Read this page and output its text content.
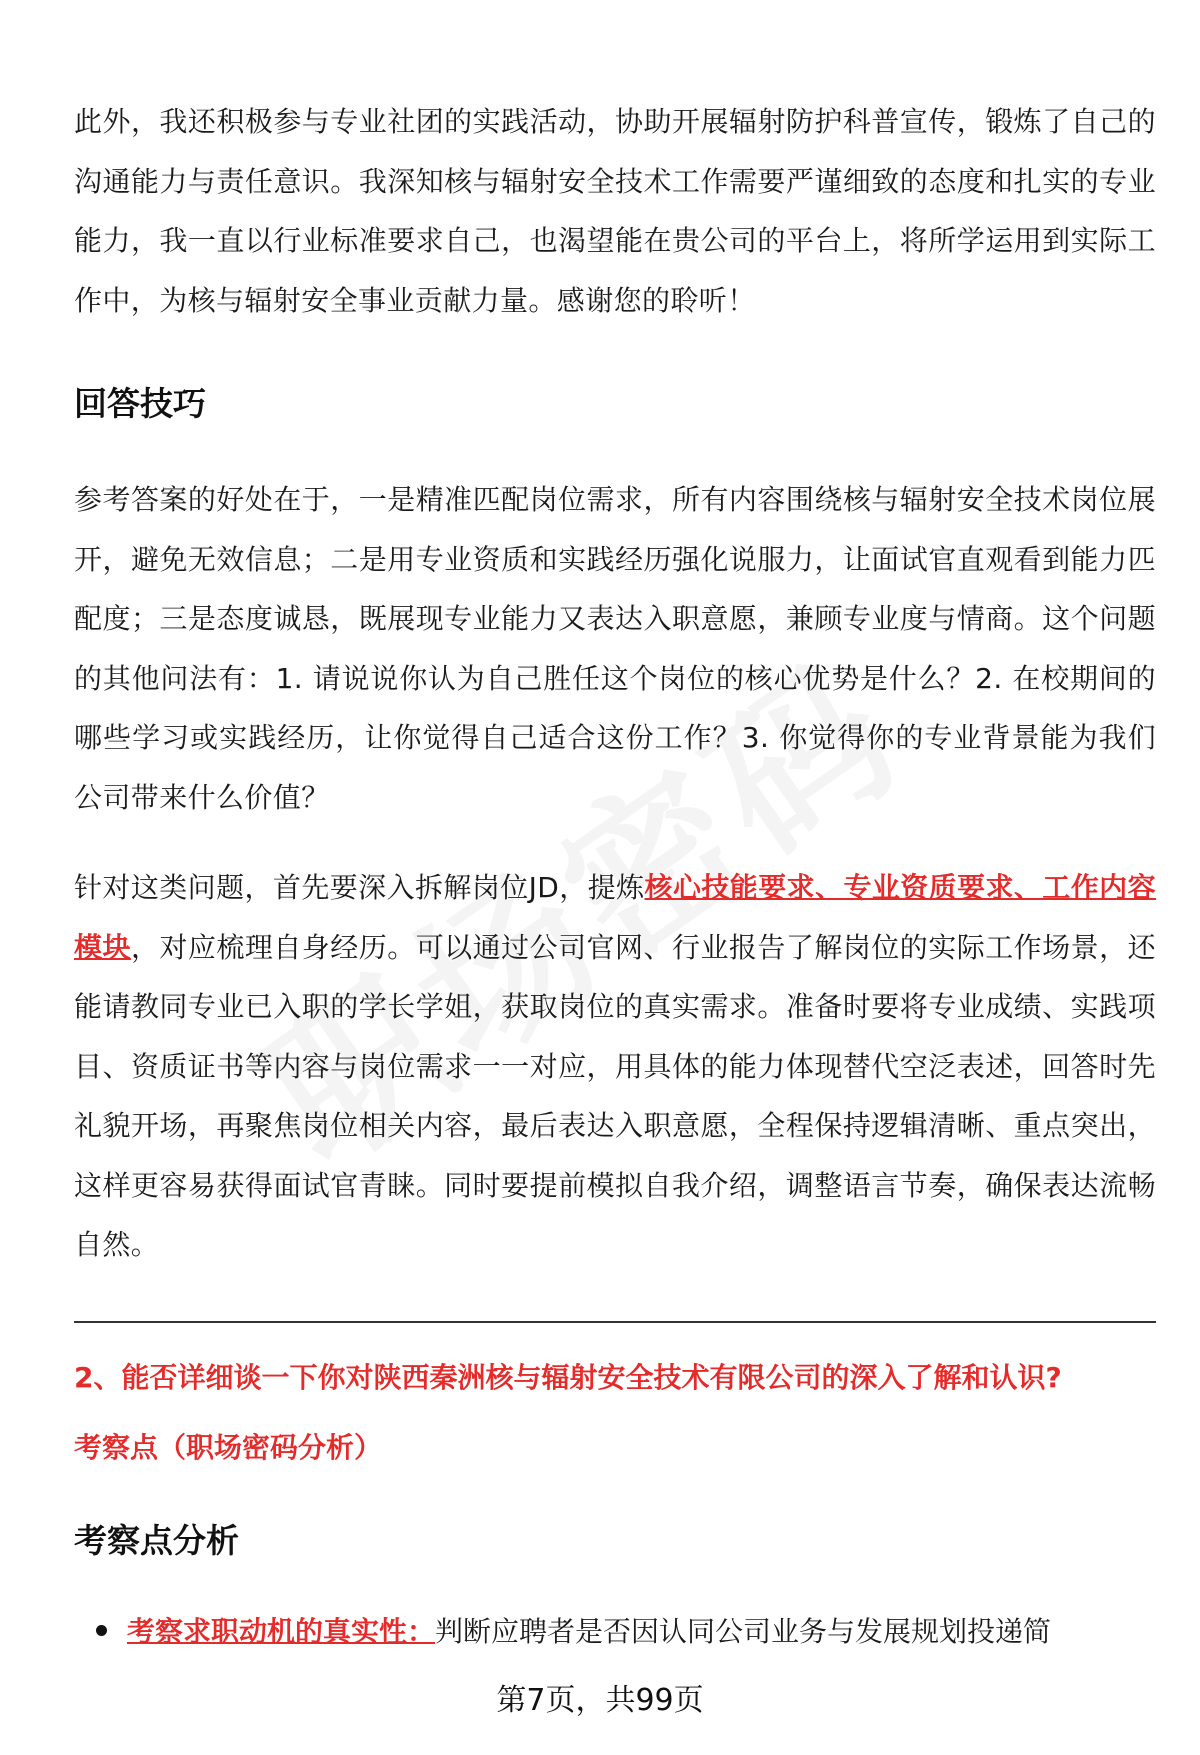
此外，我还积极参与专业社团的实践活动，协助开展辐射防护科普宣传，锻炼了自己的沟通能力与责任意识。我深知核与辐射安全技术工作需要严谨细致的态度和扎实的专业能力，我一直以行业标准要求自己，也渴望能在贵公司的平台上，将所学运用到实际工作中，为核与辐射安全事业贡献力量。感谢您的聆听！

回答技巧

参考答案的好处在于，一是精准匹配岗位需求，所有内容围绕核与辐射安全技术岗位展开，避免无效信息；二是用专业资质和实践经历强化说服力，让面试官直观看到能力匹配度；三是态度诚恳，既展现专业能力又表达入职意愿，兼顾专业度与情商。这个问题的其他问法有：1. 请说说你认为自己胜任这个岗位的核心优势是什么？2. 在校期间的哪些学习或实践经历，让你觉得自己适合这份工作？3. 你觉得你的专业背景能为我们公司带来什么价值？

针对这类问题，首先要深入拆解岗位JD，提炼核心技能要求、专业资质要求、工作内容模块，对应梳理自身经历。可以通过公司官网、行业报告了解岗位的实际工作场景，还能请教同专业已入职的学长学姐，获取岗位的真实需求。准备时要将专业成绩、实践项目、资质证书等内容与岗位需求一一对应，用具体的能力体现替代空泛表述，回答时先礼貌开场，再聚焦岗位相关内容，最后表达入职意愿，全程保持逻辑清晰、重点突出，这样更容易获得面试官青睐。同时要提前模拟自我介绍，调整语言节奏，确保表达流畅自然。

2、能否详细谈一下你对陕西秦洲核与辐射安全技术有限公司的深入了解和认识?

考察点（职场密码分析）

考察点分析
考察求职动机的真实性：判断应聘者是否因认同公司业务与发展规划投递简
第7页，共99页
